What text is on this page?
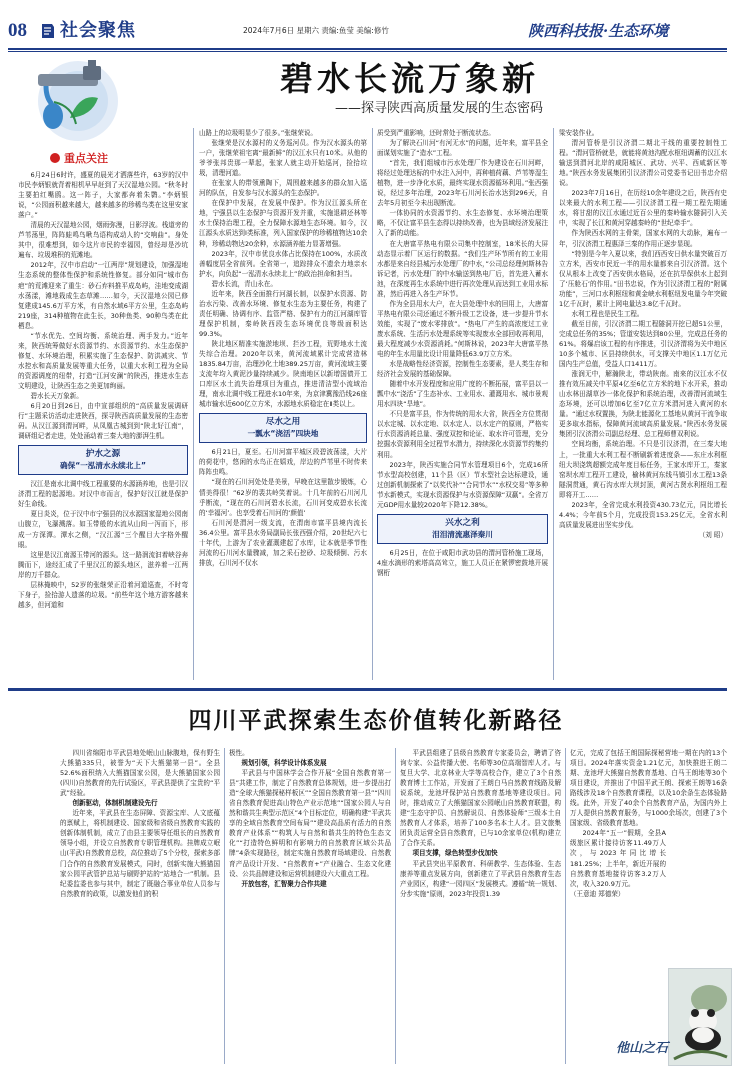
08 社会聚焦	2024年7月6日 星期六 责编:鱼莹 美编:修竹	陕西科技报·生态环境
碧水长流万象新
——探寻陕西高质量发展的生态密码
重点关注

6月24日6时许，盛夏的晨光才洒落些许，63岁的汉中市民李炳银就背着相机早早赶到了天汉湿地公园。“秋冬时主要拍红嘴鸥。这一阵子，大家都奔着朱鹮。”李炳银说，“公园面积越来越大，越来越多的珍稀鸟类在这里安家落户。”

清晨的天汉湿地公园，烟雨弥漫，日影浮波。栈道旁的芦苇荡里，阵阵蛙鸣鸟啾鸟语构成动人的“交响曲”。身处其中，很难想到，如今这片市民的幸福园，曾经却是沙坑遍布、垃圾堆积的荒滩地。

2012年，汉中市启动“一江两岸”规划建设，加强湿地生态系统的整体性保护和系统性修复。部分如同“城市伤疤”的荒滩迎来了重生：砂石弃料推平成岛屿，洼地变成湖水荡漾，滩地栽成生态草滩……如今，天汉湿地公园已修复建成145.6万平方米，有自然水域6平方公里，生态岛屿219座，314种植物在此生长，30种鱼类、90种鸟类在此栖息。

“节水优先、空间均衡、系统治理、两手发力。”近年来，陕西统筹做好水资源节约、水资源节约、水生态保护修复、水环境治理，积累实施了生态保护、防洪减灾、节水控水和高质量发展等重大任务，以重大水利工程为全局的资源调度的纽带，打造“江河安澜”的陕西，推进水生态文明建设，让陕西生态之美更加绚丽。

碧水长天万象新。

6月20日到26日，由中宣部组织的“高质量发展调研行”主题采访活动走进陕西，探寻陕西高质量发展的生态密码。从汉江源到渭河畔，从凤凰古城到到“陕北好江南”，调研组记者走进，处处涌动着三秦大地的澎湃生机。

护水之源
确保“一泓清水永续北上”

汉江是南水北调中线工程重要的水源涵养地，也是引汉济渭工程的起源地。对汉中市而言，保护好汉江就是保护好生命线。

夏日炎炎，位于汉中市宁强县的汉水源国家湿地公园南山腹立，飞瀑溅落。如玉带般的水流从山间一泻而下，形成一方深潭。潭水之侧，“汉江源”三个醒目大字格外醒眼。

这里是汉江南源玉带河的源头。这一路润流汩着峡谷奔腾而下，途经汇成了千里汉江的源头地区，滋养着一江两岸的万千群众。

层林掩映中，52岁的张继荣正沿着河道巡查，不时弯下身子，捡拾游人遗落的垃圾。“前些年这个地方游客越来越多，但河道和

山路上的垃圾明显少了很多。”张继荣说。

张继荣是汉水源村的义务巡河员。作为汉水源头的第一户，张继荣祖宅离“最新鲜”的汉江水只有10米。从他的爷爷张邦贵那一辈起，张家人就主动开始巡河，捡拾垃圾，清理河道。

在张家人的带领熏陶下，周围越来越多的群众加入巡河的队伍，自发参与汉水源头的生态保护。

在保护中发展，在发展中保护。作为汉江源头所在地，宁强县以生态保护与资源开发并重，实施退耕还林等水土保持治理工程，全力保障水源地生态环境。如今，汉江源头水质达到Ⅰ类标准，列入国家保护的珍稀植物达10余种，珍稀动物达20余种，水源涵养能力显著增强。

2023年，汉中市优良水体占比保持在100%，水质改善幅度居全省前列。全省第一，追踪排众不遗余力地亲水护水，向负起“一泓清水永续北上”的政治担命和担当。

碧水长流，青山永在。

近年来，陕西全面推行河湖长制，以保护水资源、防治水污染、改善水环境、修复水生态为主要任务，构建了责任明确、协调有序、监管严格、保护有力的江河湖库管理保护机制，秦岭陕西段生态环境优良等级面积达99.3%。

陕北地区精准实施淤地坝、拦沙工程，荒野地水土流失综合治理。2020年以来，黄河流域累计完成营造林1835.84万亩，治理沙化土地389.25万亩，黄河流域主要支流年均入黄泥沙量持续减少。陕南地区以新增国债开工口库区水土流失治理项目为重点，推进清洁型小流域治理，南水北调中线工程进水10年来，为京津冀豫沿线26座城市输水近600亿立方米，水源地水质稳定在Ⅱ类以上。

尽水之用
一瓢水“浇活”四块地

6月21日，夏至。石川河富平城区段碧波荡漾，大片的荷花中，悠闲的水鸟正在嬉戏，岸边的芦苇里不时传来阵阵虫鸣。

“现在的石川河处处是美景，早晚在这里散步锻炼，心情美得很！”62岁的裴共岭笑着说。十几年前的石川河几乎断流，“现在的石川河碧水长流，石川河变成碧水长流的‘幸福河’。也享受着石川河的‘颜值’

石川河是渭河一级支流，在渭南市富平县境内流长36.4公里。富平县水务局副局长张西强介绍，20世纪六七十年代，上游为了农业灌溉建起了水库，让本就是季节性河流的石川河水量骤减，加之采石挖砂、垃圾倾倒、污水排放，石川河不仅水

质受到严重影响，还时常处于断流状态。

为了解决石川河“有河无水”的问题，近年来，富平县全面谋划实施了“造水”工程。

“首先，我们组城市污水处理厂作为建设在石川河畔，将经过处理达标的中水注入河中，再种植荷藕、芦苇等湿生植物，进一步净化水质，最终实现水资源循环利用。”张西强说，经过多年治理，2023年石川河长治水达到296天，自去年5月初至今未出现断流。

一体协同的水资源节约、水生态修复、水环境治理策略，不仅让富平县生态得以持续改善，也为县域经济发展注入了新的动能。

在大唐富平热电有限公司集中控制室，18米长的大屏动态显示着厂区运行的数据。“我们生产环节所有的工业用水都是来自经县城污水处理厂的中水，”公司总经理何斯林告诉记者，污水处理厂的中水输送到热电厂后，首先进入蓄水池，在深度再生水系统中进行再次处理从而达到工业用水标准，然后再进入各生产环节。

作为全县用水大户，在大县处理中水的回用上，大唐富平热电有限公司还通过不断升级工艺设备，进一步提升节水效能，实现了“废水零排放”。“热电厂产生的高浓度过工业废水系统、生活污水处理系统等实现废水全部回收再利用，最大程度减少水资源消耗。”何斯林说，2023年大唐富平热电的年生水用量比设计用量降低63.9万立方米。

水是战略性经济资源，控制性生态要素，是人类生存和经济社会发展的基础保障。

随着中水开发程度和应用广度的不断拓展，富平县以一瓢中水“浇活”了生态补水、工业用水、灌溉用水、城市景观用水四块“旱地”。

不只是富平县，作为传统的用水大省，陕西全方位贯彻以水定城、以水定地、以水定人、以水定产的原则，严格实行水资源消耗总量、强度双控和论证、取水许可管理，充分挖掘水资源利用全过程节水潜力，持续深化水资源节约集约利用。

2023年，陕西实施合同节水管理项目6个，完成16所节水型高校创建，11个县（区）节水型社会达标建设，通过创新机制探索了“以奖代补”“合同节水”“水权交易”等多种节水新模式，实现水资源保护与水资源保障“双赢”。全省万元GDP用水量较2020年下降12.38%。

兴水之利
泪泪清流惠泽秦川

6月25日，在位于咸阳市武功县的渭河管桥施工现场，4座水滴形的索塔高高耸立，施工人员正在紧锣密鼓地开展钢桁

梁安装作业。

渭河管桥是引汉济渭二期北干线的重要控制性工程。“渭河管桥就是，就能将黄池沟配水枢纽调蓄的汉江水输送到渭河北岸的咸阳城区、武功、兴平、西咸新区等地。”陕西水务发展集团引汉济渭公司党委书记田书忠介绍说。

2023年7月16日，在历经10余年建设之后，陕西有史以来最大的水利工程——引汉济渭工程一期工程先期通水，将甘甜的汉江水通过近百公里的秦岭输水隧洞引入关中，实现了长江和黄河穿越秦岭的“世纪牵手”。

作为陕西水网的主骨架，国家水网的大动脉，遍布一年，引汉济渭工程惠泽三秦的作用正逐步显现。

“特别是今年入夏以来，我们西西安日供水量突破百万立方米，西安市民近一半的用水量都来自引汉济渭。这个仅从根本上改变了西安供水格局，还在抗旱保供水上起到了‘压舱石’的作用。”田书忠说，作为引汉济渭工程的“附属功能”，三河口水利枢纽和黄金峡水利枢纽发电量今年突破1亿千瓦时，累计上网电量达3.8亿千瓦时。

水利工程也是民生工程。

截至目前，引汉济渭二期工程隧洞开挖已超51公里，完成总任务的35%；管道安装达到80公里，完成总任务的61%。将爆启该工程的有序推进，引汉济渭将为关中地区10多个城市、区县持续供水，可支撑关中地区1.1万亿元国内生产总值，受益人口1411万。

涨润无中，解瀚陕北，带动陕南。南来的汉江水不仅推有效压减关中平原4亿至6亿立方米的地下水开采，推动山水林田湖草沙一体化保护和系统治理，改善渭河流域生态环境，还可以增加6亿至7亿立方米渭河进入黄河的水量。“通过水权置换，为陕北能源化工基地从黄河干流争取更多取水指标，保障黄河流域高质量发展。”陕西水务发展集团引汉济渭公司副总经理、总工程师曹双利说。

空间均衡，系统治理。不只是引汉济渭，在三秦大地上，一批重大水利工程不断刷新着进度条——东庄水利枢纽大坝浇筑超额完成年度目标任务，王家水库开工，秦家窑坝水库工程开工建设，榆林黄河东线马镇引水工程13条隧洞贯通，黄石沟水库大坝封顶，黄河古贤水利枢纽工程即将开工……

2023年，全省完成水利投资430.73亿元，同比增长4.4%；今年前5个月，完成投资153.25亿元，全省水利高质量发展进出坚实步伐。

（刘 昭）
四川平武探索生态价值转化新路径

四川省绵阳市平武县地处岷山山脉腹地，保有野生大熊猫335只，被誉为“天下大熊猫第一县”。全县52.6%面积纳入大熊猫国家公园，是大熊猫国家公园(四川)自然教育的先行试验区，平武县提供了宝贵的“平武”经验。

创新驱动，体制机制建设先行

近年来，平武县在生态屏障、资源宝库、人文底蕴的禀赋上，将机制建设、国家级和省级自然教育实践的创新体制机制，成立了由县主要领导任组长的自然教育领导小组，并设立自然教育专职管理机构。挂牌成立岷山(平武)自然教育总校，高位推动了5个分校，探索多部门合作的自然教育发展模式，同时，创新实施大熊猫国家公园平武管护总站与刷野护站的“站地合一”机制。县纪委监委也参与其中，制定了既融合事业单位人员参与自然教育的政策，以激发他们的积

极性。

规划引领，科学设计体系发展

平武县与中国林学会合作开展“全国自然教育第一县”共建工作，制定了自然教育总体规划，进一步提出打造“全球大熊猫探秘样板区”“全国自然教育第一县”“四川省自然教育促进高山特色产业示范地”“国家公园人与自然和谐共生典型示范区”4个目标定位，明确构建“平武共享的全域自然教育空间布局”“建设高品质有活力的自然教育产业体系”“构筑人与自然和谐共生的特色生态文化”“打造特色鲜明和有影响力的自然教育区域公共品牌”4条实现路径，制定实施自然教育场域建设、自然教育产品设计开发、“自然教育+”产业融合、生态文化建设、公共品牌建设和运营机制建设六大重点工程。

开放包容，汇智聚力合作共建

平武县组建了县级自然教育专家委员会，聘请了咨询专家、公益传播大使、名师等30位高端智库人才。与复旦大学、北京林业大学等高校合作，建立了3个自然教育博士工作站，开发面了王朗白马自然教育线路及解说系统，龙池坪保护站自然教育基地等建设项目。同时，推动成立了大熊猫国家公园岷山自然教育联盟，构建“生态守护员、自然解说员、自然体验师”三级本土自然教育人才体系，培养了100多名本土人才。县文旅集团负责运营全县自然教育，已与10余家单位(机构)建立了合作关系。

项目支撑，绿色转型步伐加快

平武县突出平原教育、科研教学、生态体验、生态康养等重点发展方向，创新建立了平武县自然教育生态产业园区，构建“一园四区”发展模式。遵循“统一规划、分步实施”原则，2023年投资1.39

亿元，完成了包括王朗国际探秘营地一期在内的13个项目。2024年落实资金1.21亿元，加快推进王朗二期、龙池坪大熊猫自然教育基地、白马王朗地等30个项目建设，并推出了中国平武王朗、探索王朗等16条路线涉及18个自然教育课程，以及10余条生态体验路线。此外，开发了40余个自然教育产品，为国内外上万人提供自然教育服务，与1000余场次，创建了3个国家级、省级教育基地。

2024年“五一”假期，全县A级旅区累计接待访客11.49万人次，与2023年同比增长181.25%；上半年，新近开展的自然教育基地接待访客3.2万人次，收入320.9万元。

（王意迪 郑德荣）
他山之石
